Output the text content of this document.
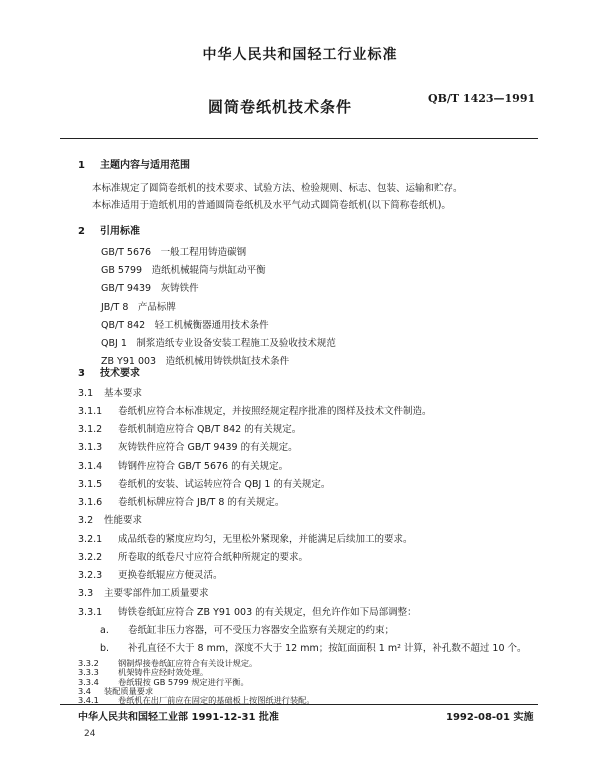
中华人民共和国轻工行业标准
圆筒卷纸机技术条件	QB/T 1423—1991
1 主题内容与适用范围
本标准规定了圆筒卷纸机的技术要求、试验方法、检验规则、标志、包装、运输和贮存。
本标准适用于造纸机用的普通圆筒卷纸机及水平气动式圆筒卷纸机(以下简称卷纸机)。
2 引用标准
GB/T 5676　一般工程用铸造碳钢
GB 5799　造纸机械辊筒与烘缸动平衡
GB/T 9439　灰铸铁件
JB/T 8　产品标牌
QB/T 842　轻工机械衡器通用技术条件
QBJ 1　制浆造纸专业设备安装工程施工及验收技术规范
ZB Y91 003　造纸机械用铸铁烘缸技术条件
3 技术要求
3.1 基本要求
3.1.1 卷纸机应符合本标准规定，并按照经规定程序批准的图样及技术文件制造。
3.1.2 卷纸机制造应符合 QB/T 842 的有关规定。
3.1.3 灰铸铁件应符合 GB/T 9439 的有关规定。
3.1.4 铸钢件应符合 GB/T 5676 的有关规定。
3.1.5 卷纸机的安装、试运转应符合 QBJ 1 的有关规定。
3.1.6 卷纸机标牌应符合 JB/T 8 的有关规定。
3.2 性能要求
3.2.1 成品纸卷的紧度应均匀，无里松外紧现象，并能满足后续加工的要求。
3.2.2 所卷取的纸卷尺寸应符合纸种所规定的要求。
3.2.3 更换卷纸辊应方便灵活。
3.3 主要零部件加工质量要求
3.3.1 铸铁卷纸缸应符合 ZB Y91 003 的有关规定，但允许作如下局部调整：
a. 卷纸缸非压力容器，可不受压力容器安全监察有关规定的约束；
b. 补孔直径不大于 8 mm，深度不大于 12 mm；按缸面面积 1 m² 计算，补孔数不超过 10 个。
中华人民共和国轻工业部 1991-12-31 批准	1992-08-01 实施
24
3.3.2 钢制焊接卷纸缸应符合有关设计规定。
3.3.3 机架铸件应经时效处理。
3.3.4 卷纸辊按 GB 5799 规定进行平衡。
3.4 装配质量要求
3.4.1 卷纸机在出厂前应在固定的基础板上按图纸进行装配。
